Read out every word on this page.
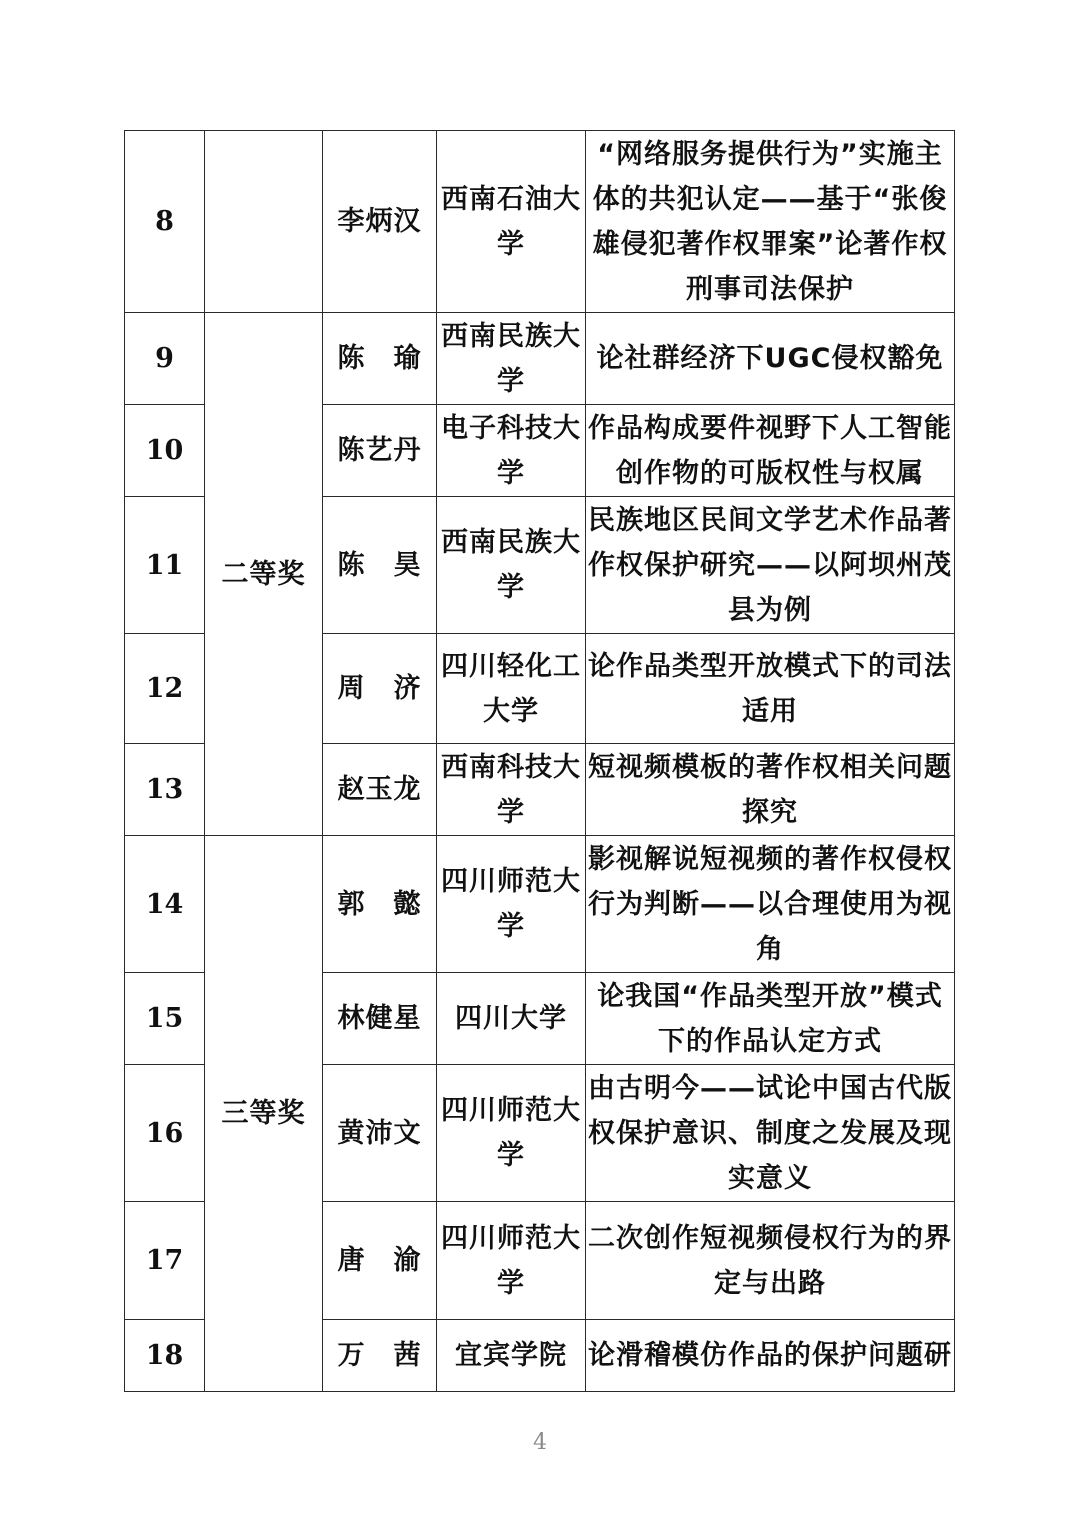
8		李炳汉	西南石油大学	“网络服务提供行为”实施主体的共犯认定——基于“张俊雄侵犯著作权罪案”论著作权刑事司法保护
9	二等奖	陈　瑜	西南民族大学	论社群经济下UGC侵权豁免
10		陈艺丹	电子科技大学	作品构成要件视野下人工智能创作物的可版权性与权属
11		陈　昊	西南民族大学	民族地区民间文学艺术作品著作权保护研究——以阿坝州茂县为例
12		周　济	四川轻化工大学	论作品类型开放模式下的司法适用
13		赵玉龙	西南科技大学	短视频模板的著作权相关问题探究
14	三等奖	郭　懿	四川师范大学	影视解说短视频的著作权侵权行为判断——以合理使用为视角
15		林健星	四川大学	论我国“作品类型开放”模式下的作品认定方式
16		黄沛文	四川师范大学	由古明今——试论中国古代版权保护意识、制度之发展及现实意义
17		唐　渝	四川师范大学	二次创作短视频侵权行为的界定与出路
18		万　茜	宜宾学院	论滑稽模仿作品的保护问题研
4
